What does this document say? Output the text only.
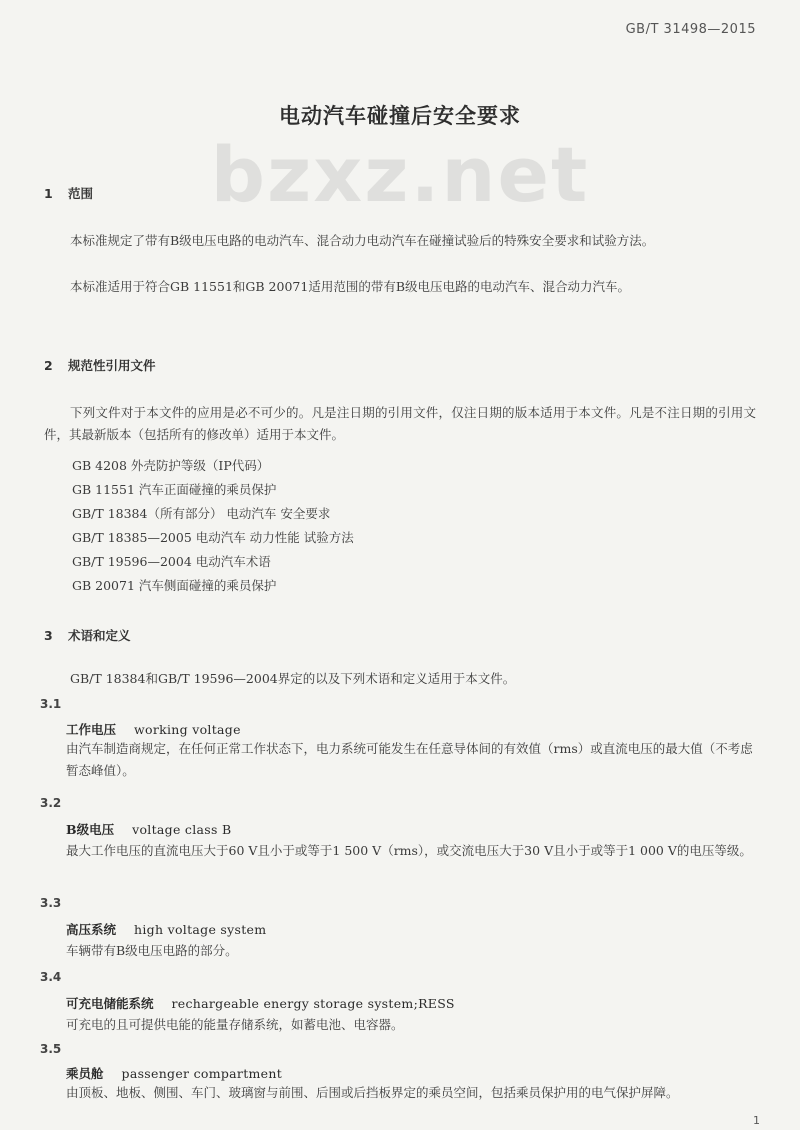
GB/T 31498—2015
电动汽车碰撞后安全要求
bzxz.net
1 范围
本标准规定了带有B级电压电路的电动汽车、混合动力电动汽车在碰撞试验后的特殊安全要求和试验方法。
本标准适用于符合GB 11551和GB 20071适用范围的带有B级电压电路的电动汽车、混合动力汽车。
2 规范性引用文件
下列文件对于本文件的应用是必不可少的。凡是注日期的引用文件，仅注日期的版本适用于本文件。凡是不注日期的引用文件，其最新版本（包括所有的修改单）适用于本文件。
GB 4208 外壳防护等级（IP代码）
GB 11551 汽车正面碰撞的乘员保护
GB/T 18384（所有部分） 电动汽车 安全要求
GB/T 18385—2005 电动汽车 动力性能 试验方法
GB/T 19596—2004 电动汽车术语
GB 20071 汽车侧面碰撞的乘员保护
3 术语和定义
GB/T 18384和GB/T 19596—2004界定的以及下列术语和定义适用于本文件。
3.1
工作电压 working voltage
由汽车制造商规定，在任何正常工作状态下，电力系统可能发生在任意导体间的有效值（rms）或直流电压的最大值（不考虑暂态峰值）。
3.2
B级电压 voltage class B
最大工作电压的直流电压大于60 V且小于或等于1 500 V（rms），或交流电压大于30 V且小于或等于1 000 V的电压等级。
3.3
高压系统 high voltage system
车辆带有B级电压电路的部分。
3.4
可充电储能系统 rechargeable energy storage system;RESS
可充电的且可提供电能的能量存储系统，如蓄电池、电容器。
3.5
乘员舱 passenger compartment
由顶板、地板、侧围、车门、玻璃窗与前围、后围或后挡板界定的乘员空间，包括乘员保护用的电气保护屏障。
1
